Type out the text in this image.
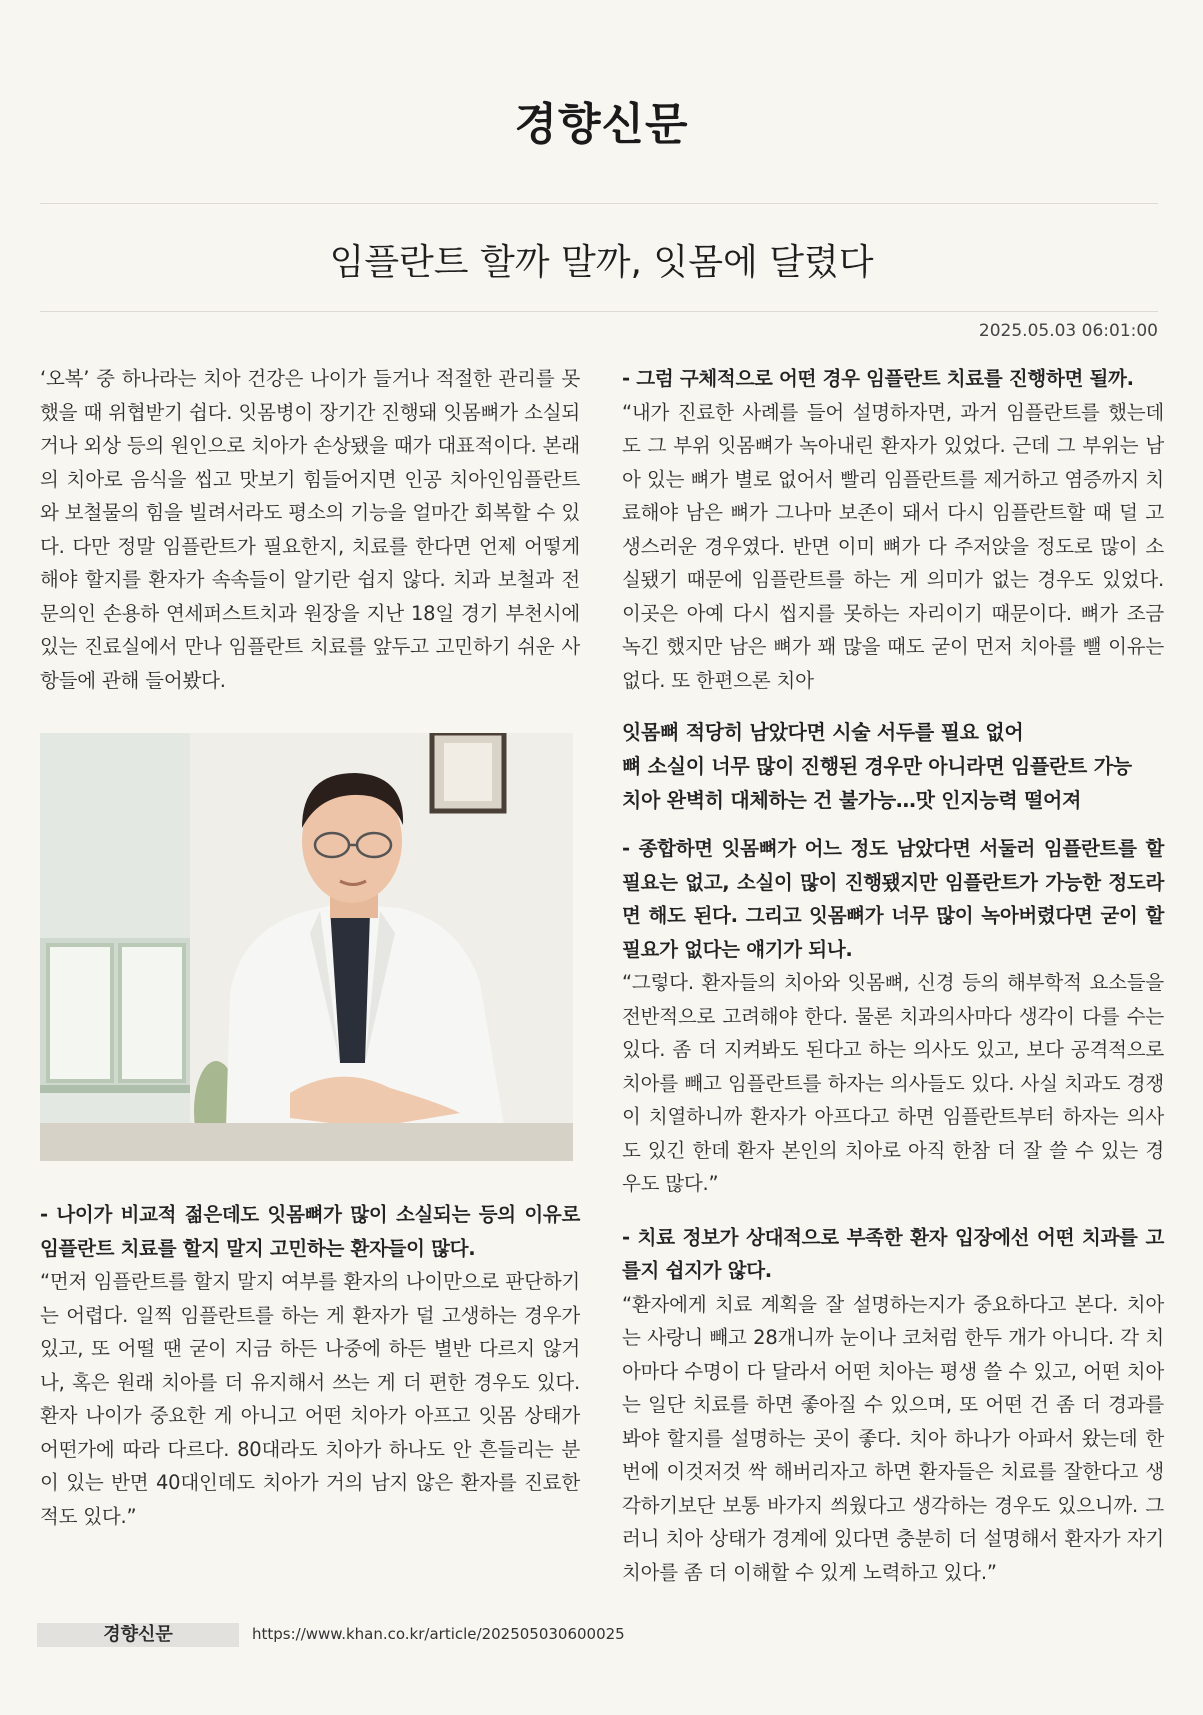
경향신문
임플란트 할까 말까, 잇몸에 달렸다
2025.05.03 06:01:00

‘오복’ 중 하나라는 치아 건강은 나이가 들거나 적절한 관리를 못했을 때 위협받기 쉽다. 잇몸병이 장기간 진행돼 잇몸뼈가 소실되거나 외상 등의 원인으로 치아가 손상됐을 때가 대표적이다. 본래의 치아로 음식을 씹고 맛보기 힘들어지면 인공 치아인임플란트와 보철물의 힘을 빌려서라도 평소의 기능을 얼마간 회복할 수 있다. 다만 정말 임플란트가 필요한지, 치료를 한다면 언제 어떻게 해야 할지를 환자가 속속들이 알기란 쉽지 않다. 치과 보철과 전문의인 손용하 연세퍼스트치과 원장을 지난 18일 경기 부천시에 있는 진료실에서 만나 임플란트 치료를 앞두고 고민하기 쉬운 사항들에 관해 들어봤다.

- 나이가 비교적 젊은데도 잇몸뼈가 많이 소실되는 등의 이유로 임플란트 치료를 할지 말지 고민하는 환자들이 많다.

“먼저 임플란트를 할지 말지 여부를 환자의 나이만으로 판단하기는 어렵다. 일찍 임플란트를 하는 게 환자가 덜 고생하는 경우가 있고, 또 어떨 땐 굳이 지금 하든 나중에 하든 별반 다르지 않거나, 혹은 원래 치아를 더 유지해서 쓰는 게 더 편한 경우도 있다. 환자 나이가 중요한 게 아니고 어떤 치아가 아프고 잇몸 상태가 어떤가에 따라 다르다. 80대라도 치아가 하나도 안 흔들리는 분이 있는 반면 40대인데도 치아가 거의 남지 않은 환자를 진료한 적도 있다.”

- 그럼 구체적으로 어떤 경우 임플란트 치료를 진행하면 될까.

“내가 진료한 사례를 들어 설명하자면, 과거 임플란트를 했는데도 그 부위 잇몸뼈가 녹아내린 환자가 있었다. 근데 그 부위는 남아 있는 뼈가 별로 없어서 빨리 임플란트를 제거하고 염증까지 치료해야 남은 뼈가 그나마 보존이 돼서 다시 임플란트할 때 덜 고생스러운 경우였다. 반면 이미 뼈가 다 주저앉을 정도로 많이 소실됐기 때문에 임플란트를 하는 게 의미가 없는 경우도 있었다. 이곳은 아예 다시 씹지를 못하는 자리이기 때문이다. 뼈가 조금 녹긴 했지만 남은 뼈가 꽤 많을 때도 굳이 먼저 치아를 뺄 이유는 없다. 또 한편으론 치아

잇몸뼈 적당히 남았다면 시술 서두를 필요 없어
뼈 소실이 너무 많이 진행된 경우만 아니라면 임플란트 가능
치아 완벽히 대체하는 건 불가능…맛 인지능력 떨어져

- 종합하면 잇몸뼈가 어느 정도 남았다면 서둘러 임플란트를 할 필요는 없고, 소실이 많이 진행됐지만 임플란트가 가능한 정도라면 해도 된다. 그리고 잇몸뼈가 너무 많이 녹아버렸다면 굳이 할 필요가 없다는 얘기가 되나.

“그렇다. 환자들의 치아와 잇몸뼈, 신경 등의 해부학적 요소들을 전반적으로 고려해야 한다. 물론 치과의사마다 생각이 다를 수는 있다. 좀 더 지켜봐도 된다고 하는 의사도 있고, 보다 공격적으로 치아를 빼고 임플란트를 하자는 의사들도 있다. 사실 치과도 경쟁이 치열하니까 환자가 아프다고 하면 임플란트부터 하자는 의사도 있긴 한데 환자 본인의 치아로 아직 한참 더 잘 쓸 수 있는 경우도 많다.”

- 치료 정보가 상대적으로 부족한 환자 입장에선 어떤 치과를 고를지 쉽지가 않다.

“환자에게 치료 계획을 잘 설명하는지가 중요하다고 본다. 치아는 사랑니 빼고 28개니까 눈이나 코처럼 한두 개가 아니다. 각 치아마다 수명이 다 달라서 어떤 치아는 평생 쓸 수 있고, 어떤 치아는 일단 치료를 하면 좋아질 수 있으며, 또 어떤 건 좀 더 경과를 봐야 할지를 설명하는 곳이 좋다. 치아 하나가 아파서 왔는데 한 번에 이것저것 싹 해버리자고 하면 환자들은 치료를 잘한다고 생각하기보단 보통 바가지 씌웠다고 생각하는 경우도 있으니까. 그러니 치아 상태가 경계에 있다면 충분히 더 설명해서 환자가 자기 치아를 좀 더 이해할 수 있게 노력하고 있다.”

경향신문	https://www.khan.co.kr/article/202505030600025
